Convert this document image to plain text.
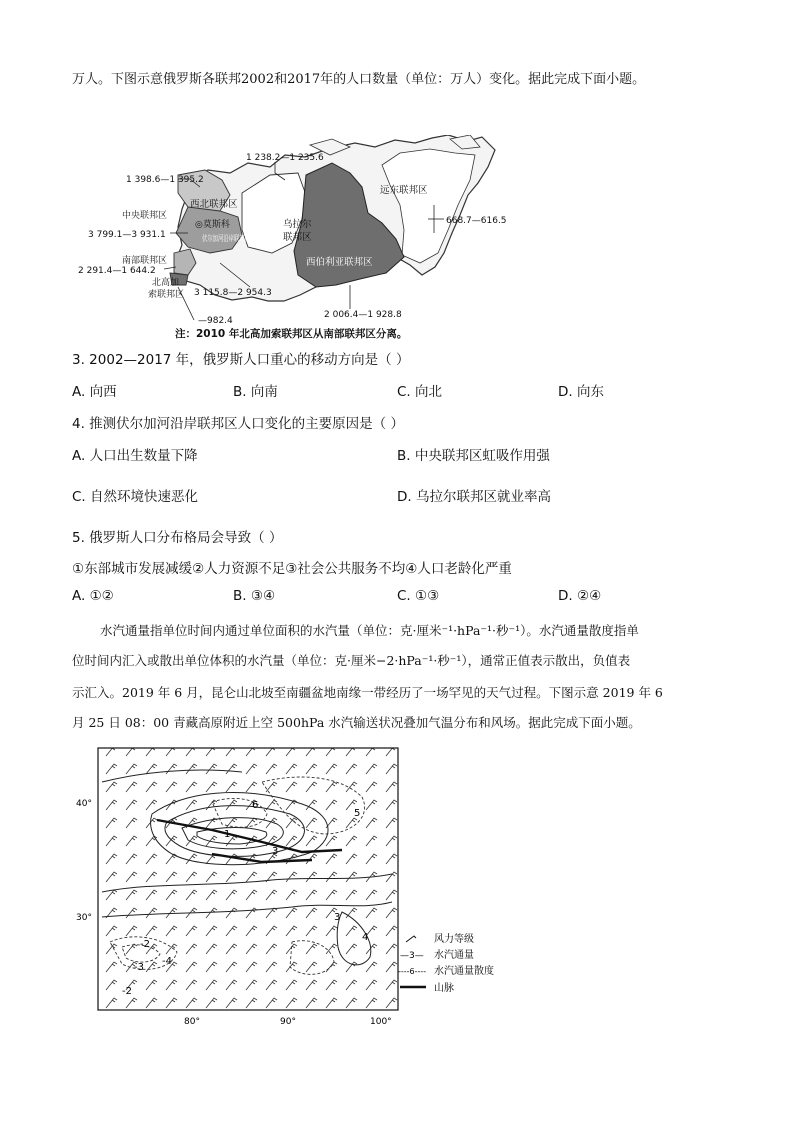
万人。下图示意俄罗斯各联邦2002和2017年的人口数量（单位：万人）变化。据此完成下面小题。
西北联邦区
远东联邦区
乌拉尔
联邦区
西伯利亚联邦区
◎莫斯科
伏尔加河沿岸联邦区
中央联邦区
南部联邦区
北高加
索联邦区
1 398.6—1 395.2
1 238.2—1 235.6
3 799.1—3 931.1
2 291.4—1 644.2
3 115.8—2 954.3
—982.4
2 006.4—1 928.8
668.7—616.5
注：2010 年北高加索联邦区从南部联邦区分离。
3. 2002—2017 年，俄罗斯人口重心的移动方向是（ ）
A. 向西	B. 向南	C. 向北	D. 向东
4. 推测伏尔加河沿岸联邦区人口变化的主要原因是（ ）
A. 人口出生数量下降	B. 中央联邦区虹吸作用强
C. 自然环境快速恶化	D. 乌拉尔联邦区就业率高
5. 俄罗斯人口分布格局会导致（ ）
①东部城市发展减缓②人力资源不足③社会公共服务不均④人口老龄化严重
A. ①②	B. ③④	C. ①③	D. ②④
水汽通量指单位时间内通过单位面积的水汽量（单位：克·厘米⁻¹·hPa⁻¹·秒⁻¹）。水汽通量散度指单
位时间内汇入或散出单位体积的水汽量（单位：克·厘米−2·hPa⁻¹·秒⁻¹），通常正值表示散出，负值表
示汇入。2019 年 6 月，昆仑山北坡至南疆盆地南缘一带经历了一场罕见的天气过程。下图示意 2019 年 6
月 25 日 08：00 青藏高原附近上空 500hPa 水汽输送状况叠加气温分布和风场。据此完成下面小题。
6
5
3
4
1
3
-2
-3
-4
-2
40°
30°
80°	90°	100°
风力等级
—3— 水汽通量
----6---- 水汽通量散度
山脉
